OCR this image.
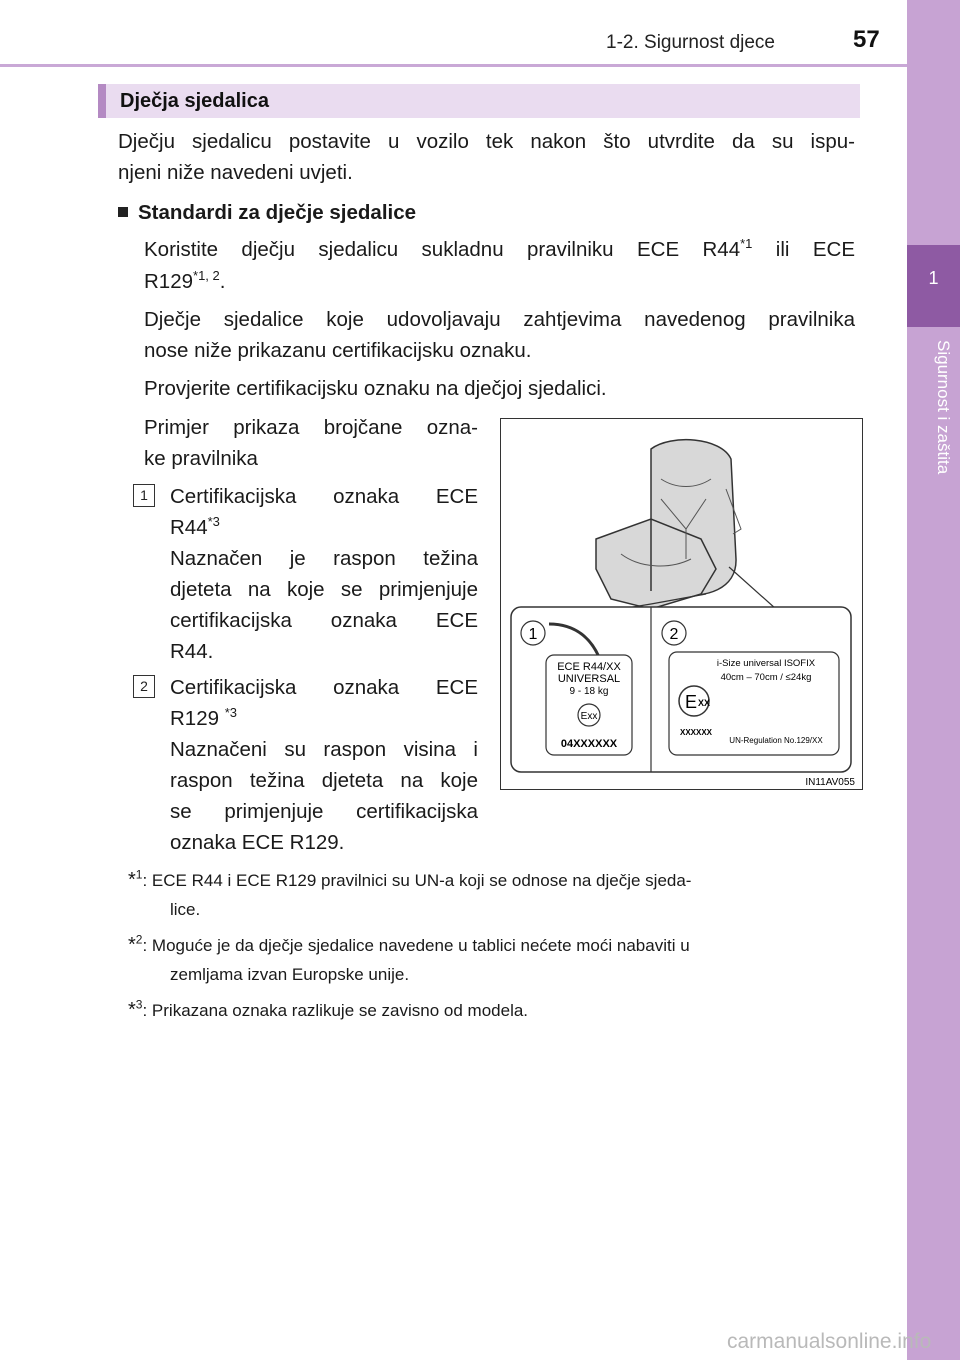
1-2. Sigurnost djece	57
1
Sigurnost i zaštita
Dječja sjedalica
Dječju sjedalicu postavite u vozilo tek nakon što utvrdite da su ispu-
njeni niže navedeni uvjeti.
Standardi za dječje sjedalice
Koristite dječju sjedalicu sukladnu pravilniku ECE R44$^{*1}$ ili ECE
R129$^{*1, 2}$.
Dječje sjedalice koje udovoljavaju zahtjevima navedenog pravilnika
nose niže prikazanu certifikacijsku oznaku.
Provjerite certifikacijsku oznaku na dječjoj sjedalici.
Primjer prikaza brojčane ozna-
ke pravilnika
1	Certifikacijska oznaka ECE
R44$^{*3}$
Naznačen je raspon težina
djeteta na koje se primjenjuje
certifikacijska oznaka ECE
R44.
2	Certifikacijska oznaka ECE
R129 $^{*3}$
Naznačeni su raspon visina i
raspon težina djeteta na koje
se primjenjuje certifikacijska
oznaka ECE R129.
1	2
ECE R44/XX
UNIVERSAL
9 - 18 kg
Exx
04XXXXXX
i-Size universal ISOFIX
40cm – 70cm / ≤24kg
E XX
XXXXXX
UN-Regulation No.129/XX
IN11AV055
*$^1$: ECE R44 i ECE R129 pravilnici su UN-a koji se odnose na dječje sjeda-
lice.
*$^2$: Moguće je da dječje sjedalice navedene u tablici nećete moći nabaviti u
zemljama izvan Europske unije.
*$^3$: Prikazana oznaka razlikuje se zavisno od modela.
carmanualsonline.info
